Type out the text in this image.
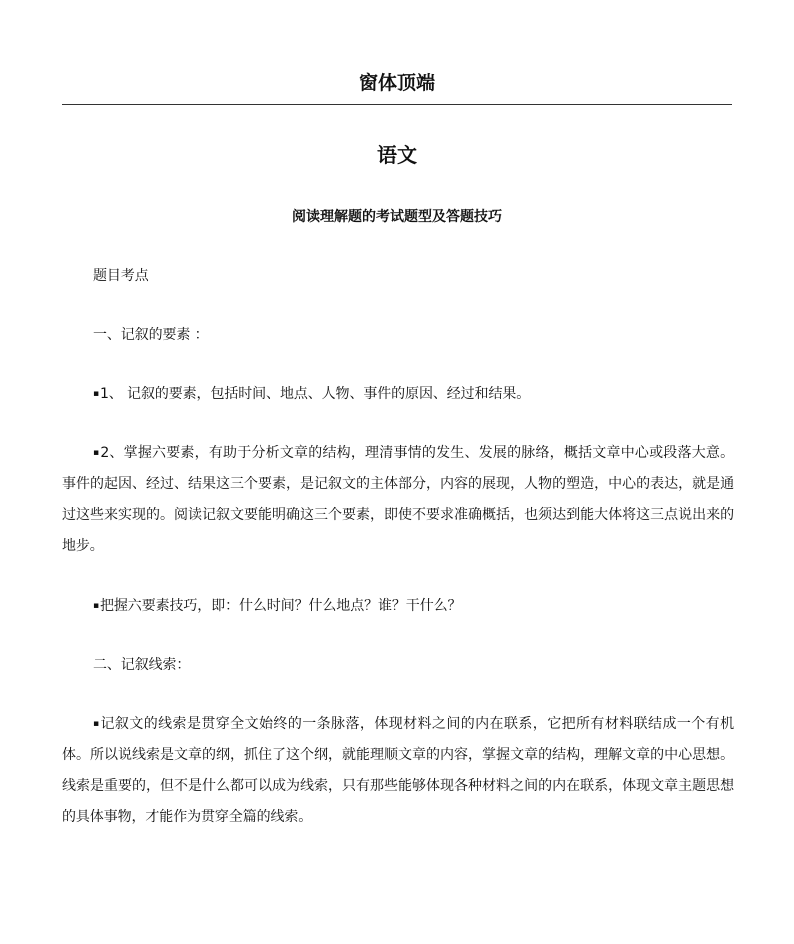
窗体顶端
语文
阅读理解题的考试题型及答题技巧

题目考点

一、记叙的要素 ：

▪1、 记叙的要素，包括时间、地点、人物、事件的原因、经过和结果。

▪2、掌握六要素，有助于分析文章的结构，理清事情的发生、发展的脉络，概括文章中心或段落大意。事件的起因、经过、结果这三个要素，是记叙文的主体部分，内容的展现，人物的塑造，中心的表达，就是通过这些来实现的。阅读记叙文要能明确这三个要素，即使不要求准确概括，也须达到能大体将这三点说出来的地步。

▪把握六要素技巧，即：什么时间？什么地点？谁？干什么？

二、记叙线索：

▪记叙文的线索是贯穿全文始终的一条脉落，体现材料之间的内在联系，它把所有材料联结成一个有机体。所以说线索是文章的纲，抓住了这个纲，就能理顺文章的内容，掌握文章的结构，理解文章的中心思想。线索是重要的，但不是什么都可以成为线索，只有那些能够体现各种材料之间的内在联系，体现文章主题思想的具体事物，才能作为贯穿全篇的线索。
